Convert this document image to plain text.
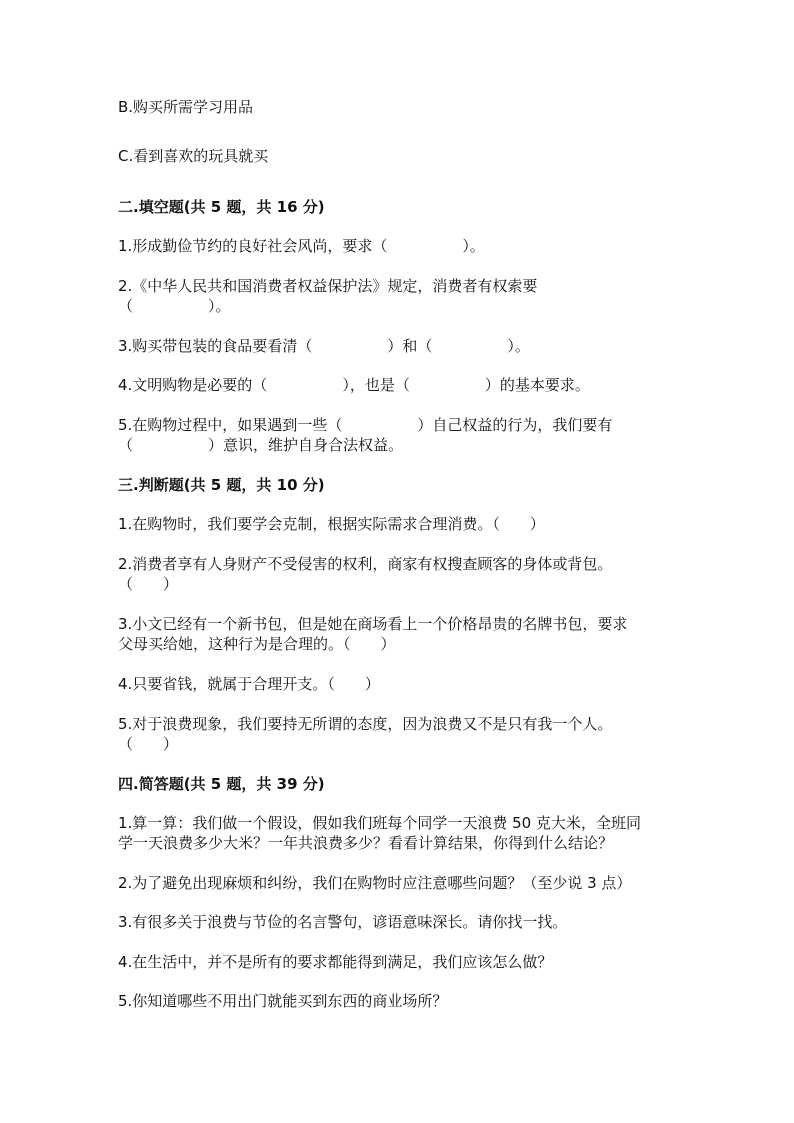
B.购买所需学习用品
C.看到喜欢的玩具就买
二.填空题(共 5 题，共 16 分)
1.形成勤俭节约的良好社会风尚，要求（　　　　　）。
2.《中华人民共和国消费者权益保护法》规定，消费者有权索要
（　　　　　）。
3.购买带包装的食品要看清（　　　　　）和（　　　　　）。
4.文明购物是必要的（　　　　　），也是（　　　　　）的基本要求。
5.在购物过程中，如果遇到一些（　　　　　）自己权益的行为，我们要有
（　　　　　）意识，维护自身合法权益。
三.判断题(共 5 题，共 10 分)
1.在购物时，我们要学会克制，根据实际需求合理消费。（　　）
2.消费者享有人身财产不受侵害的权利，商家有权搜查顾客的身体或背包。
（　　）
3.小文已经有一个新书包，但是她在商场看上一个价格昂贵的名牌书包，要求
父母买给她，这种行为是合理的。（　　）
4.只要省钱，就属于合理开支。（　　）
5.对于浪费现象，我们要持无所谓的态度，因为浪费又不是只有我一个人。
（　　）
四.简答题(共 5 题，共 39 分)
1.算一算：我们做一个假设，假如我们班每个同学一天浪费 50 克大米，全班同
学一天浪费多少大米？一年共浪费多少？看看计算结果，你得到什么结论？
2.为了避免出现麻烦和纠纷，我们在购物时应注意哪些问题？（至少说 3 点）
3.有很多关于浪费与节俭的名言警句，谚语意味深长。请你找一找。
4.在生活中，并不是所有的要求都能得到满足，我们应该怎么做？
5.你知道哪些不用出门就能买到东西的商业场所？
